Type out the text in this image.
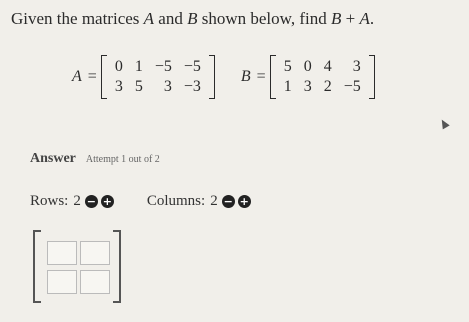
Given the matrices A and B shown below, find B + A.
A =
0	1	−5	−5
3	5	3	−3
B =
5	0	4	3
1	3	2	−5
Answer Attempt 1 out of 2
Rows: 2 − + Columns: 2 − +
